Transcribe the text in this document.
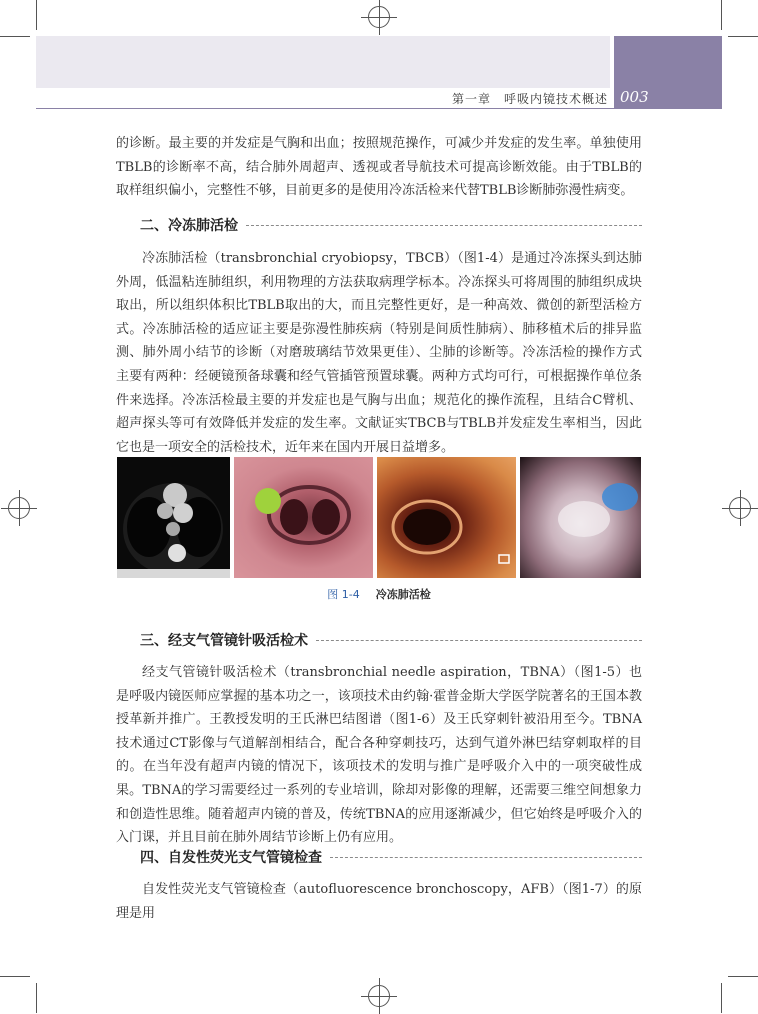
第一章　呼吸内镜技术概述 003
的诊断。最主要的并发症是气胸和出血；按照规范操作，可减少并发症的发生率。单独使用TBLB的诊断率不高，结合肺外周超声、透视或者导航技术可提高诊断效能。由于TBLB的取样组织偏小，完整性不够，目前更多的是使用冷冻活检来代替TBLB诊断肺弥漫性病变。
二、冷冻肺活检
冷冻肺活检（transbronchial cryobiopsy，TBCB）（图1-4）是通过冷冻探头到达肺外周，低温粘连肺组织，利用物理的方法获取病理学标本。冷冻探头可将周围的肺组织成块取出，所以组织体积比TBLB取出的大，而且完整性更好，是一种高效、微创的新型活检方式。冷冻肺活检的适应证主要是弥漫性肺疾病（特别是间质性肺病）、肺移植术后的排异监测、肺外周小结节的诊断（对磨玻璃结节效果更佳）、尘肺的诊断等。冷冻活检的操作方式主要有两种：经硬镜预备球囊和经气管插管预置球囊。两种方式均可行，可根据操作单位条件来选择。冷冻活检最主要的并发症也是气胸与出血；规范化的操作流程，且结合C臂机、超声探头等可有效降低并发症的发生率。文献证实TBCB与TBLB并发症发生率相当，因此它也是一项安全的活检技术，近年来在国内开展日益增多。
图 1-4 冷冻肺活检
三、经支气管镜针吸活检术
经支气管镜针吸活检术（transbronchial needle aspiration，TBNA）（图1-5）也是呼吸内镜医师应掌握的基本功之一，该项技术由约翰·霍普金斯大学医学院著名的王国本教授革新并推广。王教授发明的王氏淋巴结图谱（图1-6）及王氏穿刺针被沿用至今。TBNA技术通过CT影像与气道解剖相结合，配合各种穿刺技巧，达到气道外淋巴结穿刺取样的目的。在当年没有超声内镜的情况下，该项技术的发明与推广是呼吸介入中的一项突破性成果。TBNA的学习需要经过一系列的专业培训，除却对影像的理解，还需要三维空间想象力和创造性思维。随着超声内镜的普及，传统TBNA的应用逐渐减少，但它始终是呼吸介入的入门课，并且目前在肺外周结节诊断上仍有应用。
四、自发性荧光支气管镜检查
自发性荧光支气管镜检查（autofluorescence bronchoscopy，AFB）（图1-7）的原理是用
